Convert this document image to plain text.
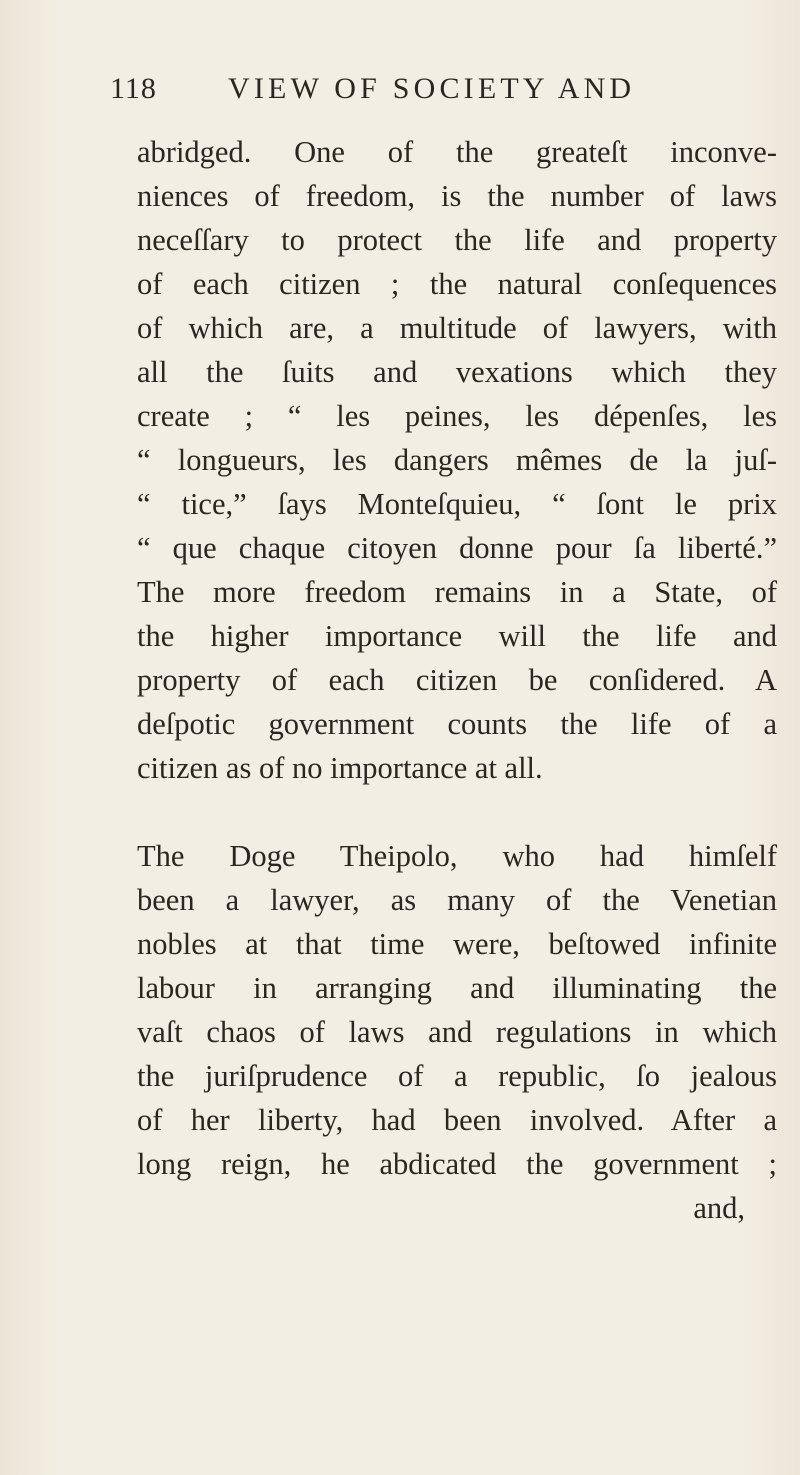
118 VIEW OF SOCIETY AND
abridged. One of the greateſt inconve-
niences of freedom, is the number of laws
neceſſary to protect the life and property
of each citizen ; the natural conſequences
of which are, a multitude of lawyers, with
all the ſuits and vexations which they
create ; “ les peines, les dépenſes, les
“ longueurs, les dangers mêmes de la juſ-
“ tice,” ſays Monteſquieu, “ ſont le prix
“ que chaque citoyen donne pour ſa liberté.”
The more freedom remains in a State, of
the higher importance will the life and
property of each citizen be conſidered. A
deſpotic government counts the life of a
citizen as of no importance at all.
The Doge Theipolo, who had himſelf
been a lawyer, as many of the Venetian
nobles at that time were, beſtowed infinite
labour in arranging and illuminating the
vaſt chaos of laws and regulations in which
the juriſprudence of a republic, ſo jealous
of her liberty, had been involved. After a
long reign, he abdicated the government ;
and,
